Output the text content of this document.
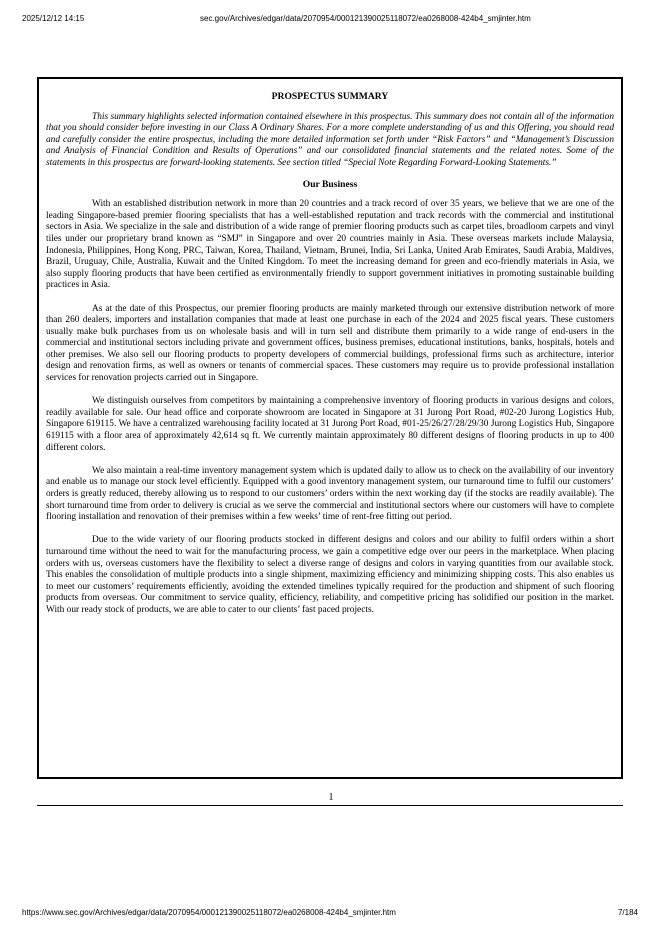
2025/12/12 14:15	sec.gov/Archives/edgar/data/2070954/000121390025118072/ea0268008-424b4_smjinter.htm
PROSPECTUS SUMMARY

This summary highlights selected information contained elsewhere in this prospectus. This summary does not contain all of the information that you should consider before investing in our Class A Ordinary Shares. For a more complete understanding of us and this Offering, you should read and carefully consider the entire prospectus, including the more detailed information set forth under “Risk Factors” and “Management’s Discussion and Analysis of Financial Condition and Results of Operations” and our consolidated financial statements and the related notes. Some of the statements in this prospectus are forward-looking statements. See section titled “Special Note Regarding Forward-Looking Statements.”

Our Business

With an established distribution network in more than 20 countries and a track record of over 35 years, we believe that we are one of the leading Singapore-based premier flooring specialists that has a well-established reputation and track records with the commercial and institutional sectors in Asia. We specialize in the sale and distribution of a wide range of premier flooring products such as carpet tiles, broadloom carpets and vinyl tiles under our proprietary brand known as “SMJ” in Singapore and over 20 countries mainly in Asia. These overseas markets include Malaysia, Indonesia, Philippines, Hong Kong, PRC, Taiwan, Korea, Thailand, Vietnam, Brunei, India, Sri Lanka, United Arab Emirates, Saudi Arabia, Maldives, Brazil, Uruguay, Chile, Australia, Kuwait and the United Kingdom. To meet the increasing demand for green and eco-friendly materials in Asia, we also supply flooring products that have been certified as environmentally friendly to support government initiatives in promoting sustainable building practices in Asia.

As at the date of this Prospectus, our premier flooring products are mainly marketed through our extensive distribution network of more than 260 dealers, importers and installation companies that made at least one purchase in each of the 2024 and 2025 fiscal years. These customers usually make bulk purchases from us on wholesale basis and will in turn sell and distribute them primarily to a wide range of end-users in the commercial and institutional sectors including private and government offices, business premises, educational institutions, banks, hospitals, hotels and other premises. We also sell our flooring products to property developers of commercial buildings, professional firms such as architecture, interior design and renovation firms, as well as owners or tenants of commercial spaces. These customers may require us to provide professional installation services for renovation projects carried out in Singapore.

We distinguish ourselves from competitors by maintaining a comprehensive inventory of flooring products in various designs and colors, readily available for sale. Our head office and corporate showroom are located in Singapore at 31 Jurong Port Road, #02-20 Jurong Logistics Hub, Singapore 619115. We have a centralized warehousing facility located at 31 Jurong Port Road, #01-25/26/27/28/29/30 Jurong Logistics Hub, Singapore 619115 with a floor area of approximately 42,614 sq ft. We currently maintain approximately 80 different designs of flooring products in up to 400 different colors.

We also maintain a real-time inventory management system which is updated daily to allow us to check on the availability of our inventory and enable us to manage our stock level efficiently. Equipped with a good inventory management system, our turnaround time to fulfil our customers’ orders is greatly reduced, thereby allowing us to respond to our customers’ orders within the next working day (if the stocks are readily available). The short turnaround time from order to delivery is crucial as we serve the commercial and institutional sectors where our customers will have to complete flooring installation and renovation of their premises within a few weeks’ time of rent-free fitting out period.

Due to the wide variety of our flooring products stocked in different designs and colors and our ability to fulfil orders within a short turnaround time without the need to wait for the manufacturing process, we gain a competitive edge over our peers in the marketplace. When placing orders with us, overseas customers have the flexibility to select a diverse range of designs and colors in varying quantities from our available stock. This enables the consolidation of multiple products into a single shipment, maximizing efficiency and minimizing shipping costs. This also enables us to meet our customers’ requirements efficiently, avoiding the extended timelines typically required for the production and shipment of such flooring products from overseas. Our commitment to service quality, efficiency, reliability, and competitive pricing has solidified our position in the market. With our ready stock of products, we are able to cater to our clients’ fast paced projects.

1
https://www.sec.gov/Archives/edgar/data/2070954/000121390025118072/ea0268008-424b4_smjinter.htm	7/184
